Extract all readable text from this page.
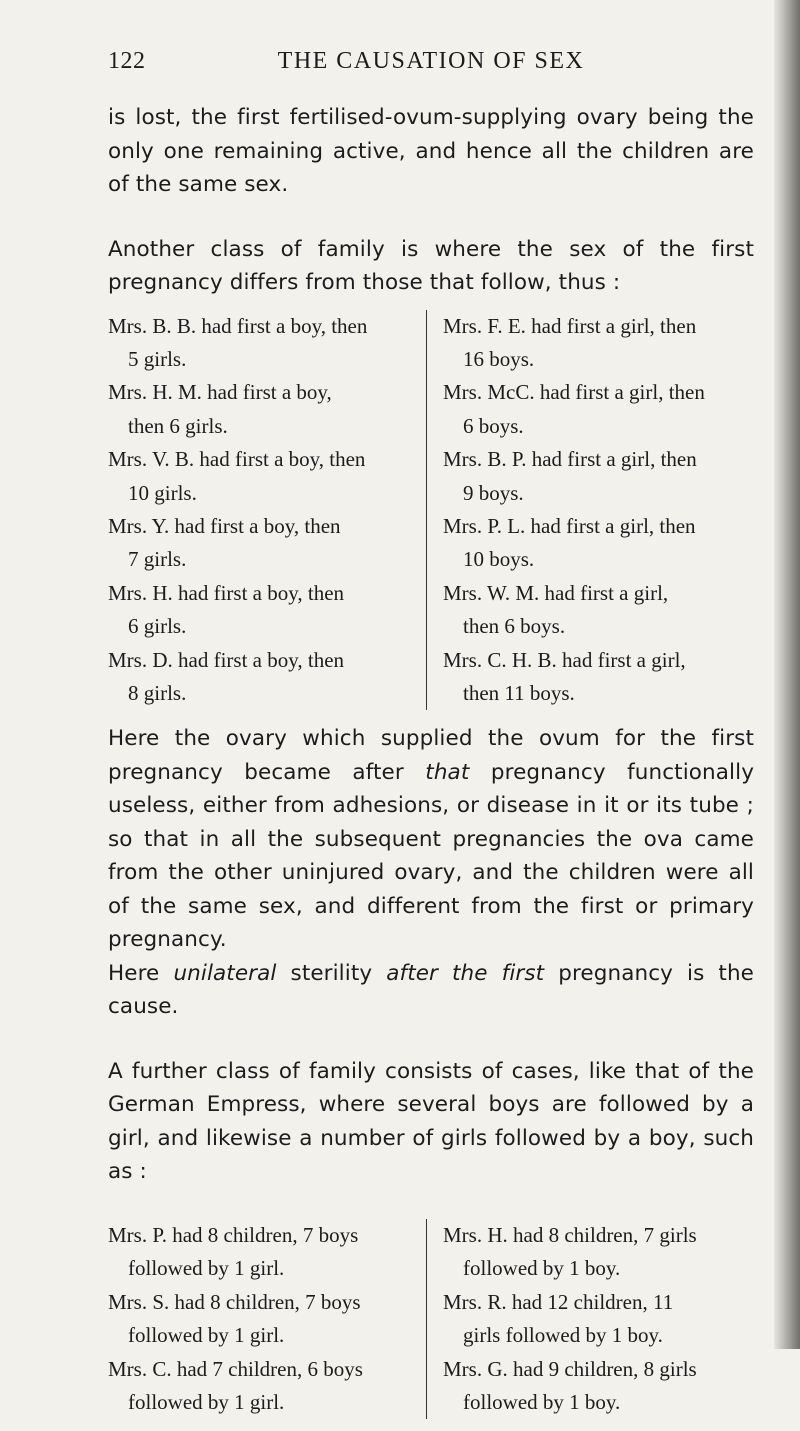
122	THE CAUSATION OF SEX

is lost, the first fertilised-ovum-supplying ovary being the only one remaining active, and hence all the children are of the same sex.

Another class of family is where the sex of the first pregnancy differs from those that follow, thus :

Mrs. B. B. had first a boy, then
5 girls.
Mrs. H. M. had first a boy,
then 6 girls.
Mrs. V. B. had first a boy, then
10 girls.
Mrs. Y. had first a boy, then
7 girls.
Mrs. H. had first a boy, then
6 girls.
Mrs. D. had first a boy, then
8 girls.
Mrs. F. E. had first a girl, then
16 boys.
Mrs. McC. had first a girl, then
6 boys.
Mrs. B. P. had first a girl, then
9 boys.
Mrs. P. L. had first a girl, then
10 boys.
Mrs. W. M. had first a girl,
then 6 boys.
Mrs. C. H. B. had first a girl,
then 11 boys.

Here the ovary which supplied the ovum for the first pregnancy became after that pregnancy functionally useless, either from adhesions, or disease in it or its tube ; so that in all the subsequent pregnancies the ova came from the other uninjured ovary, and the children were all of the same sex, and different from the first or primary pregnancy.

Here unilateral sterility after the first pregnancy is the cause.

A further class of family consists of cases, like that of the German Empress, where several boys are followed by a girl, and likewise a number of girls followed by a boy, such as :

Mrs. P. had 8 children, 7 boys
followed by 1 girl.
Mrs. S. had 8 children, 7 boys
followed by 1 girl.
Mrs. C. had 7 children, 6 boys
followed by 1 girl.
Mrs. H. had 8 children, 7 girls
followed by 1 boy.
Mrs. R. had 12 children, 11
girls followed by 1 boy.
Mrs. G. had 9 children, 8 girls
followed by 1 boy.
